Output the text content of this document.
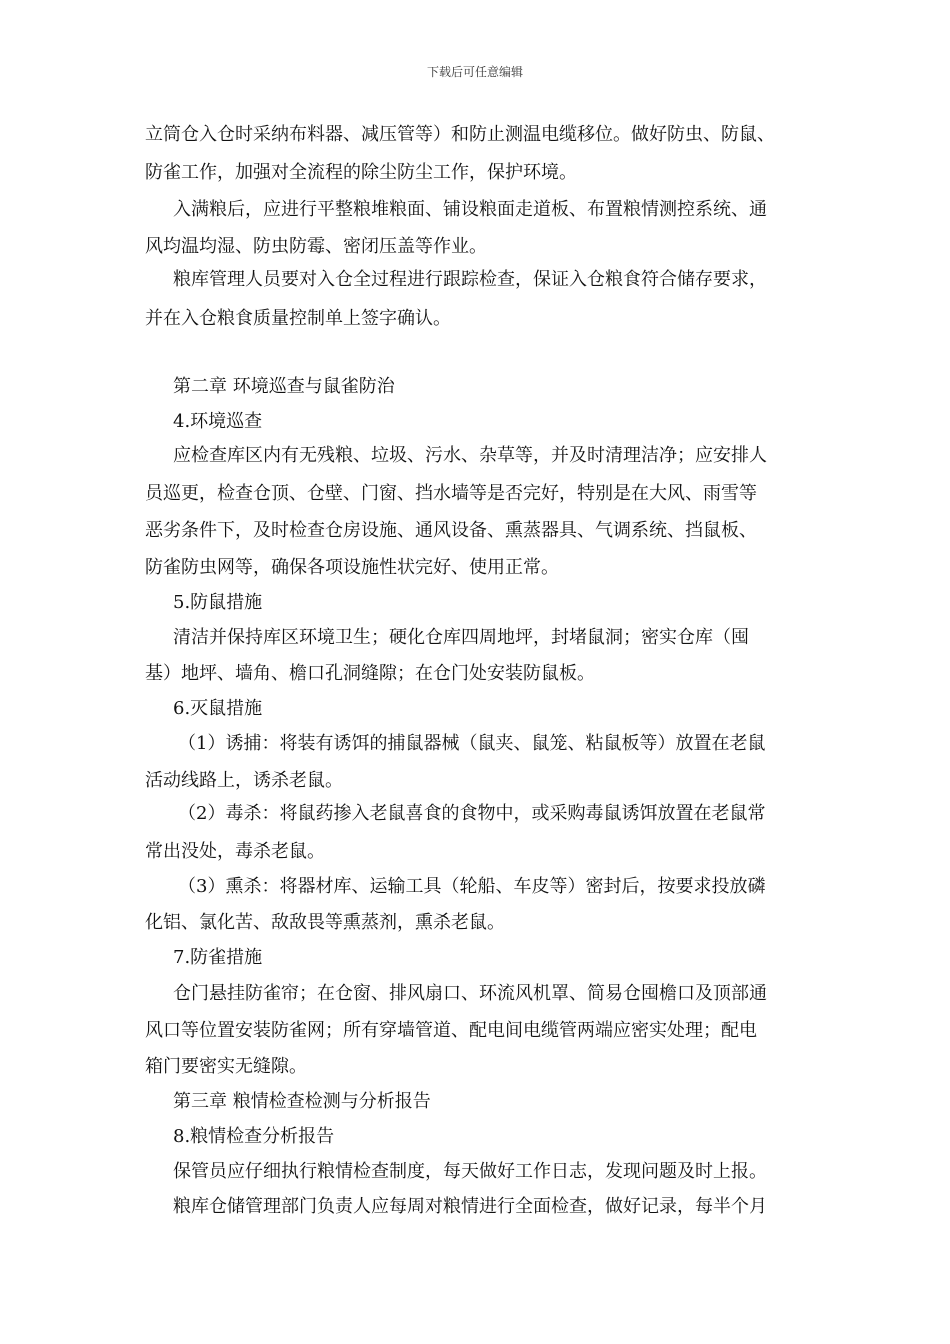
下载后可任意编辑
立筒仓入仓时采纳布料器、减压管等）和防止测温电缆移位。做好防虫、防鼠、
防雀工作，加强对全流程的除尘防尘工作，保护环境。
入满粮后，应进行平整粮堆粮面、铺设粮面走道板、布置粮情测控系统、通
风均温均湿、防虫防霉、密闭压盖等作业。
粮库管理人员要对入仓全过程进行跟踪检查，保证入仓粮食符合储存要求，
并在入仓粮食质量控制单上签字确认。
第二章 环境巡查与鼠雀防治
4.环境巡查
应检查库区内有无残粮、垃圾、污水、杂草等，并及时清理洁净；应安排人
员巡更，检查仓顶、仓壁、门窗、挡水墙等是否完好，特别是在大风、雨雪等
恶劣条件下，及时检查仓房设施、通风设备、熏蒸器具、气调系统、挡鼠板、
防雀防虫网等，确保各项设施性状完好、使用正常。
5.防鼠措施
清洁并保持库区环境卫生；硬化仓库四周地坪，封堵鼠洞；密实仓库（囤
基）地坪、墙角、檐口孔洞缝隙；在仓门处安装防鼠板。
6.灭鼠措施
（1）诱捕：将装有诱饵的捕鼠器械（鼠夹、鼠笼、粘鼠板等）放置在老鼠
活动线路上，诱杀老鼠。
（2）毒杀：将鼠药掺入老鼠喜食的食物中，或采购毒鼠诱饵放置在老鼠常
常出没处，毒杀老鼠。
（3）熏杀：将器材库、运输工具（轮船、车皮等）密封后，按要求投放磷
化铝、氯化苦、敌敌畏等熏蒸剂，熏杀老鼠。
7.防雀措施
仓门悬挂防雀帘；在仓窗、排风扇口、环流风机罩、简易仓囤檐口及顶部通
风口等位置安装防雀网；所有穿墙管道、配电间电缆管两端应密实处理；配电
箱门要密实无缝隙。
第三章 粮情检查检测与分析报告
8.粮情检查分析报告
保管员应仔细执行粮情检查制度，每天做好工作日志，发现问题及时上报。
粮库仓储管理部门负责人应每周对粮情进行全面检查，做好记录，每半个月
